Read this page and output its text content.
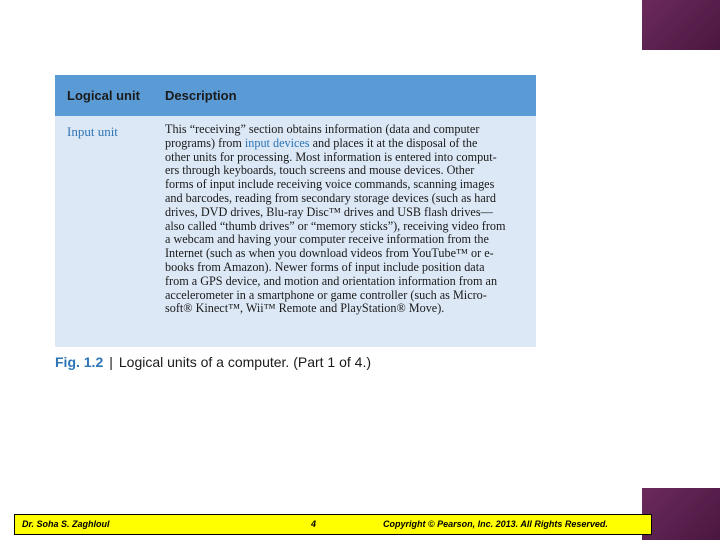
Logical unit Description
Input unit	This “receiving” section obtains information (data and computer
programs) from input devices and places it at the disposal of the
other units for processing. Most information is entered into comput-
ers through keyboards, touch screens and mouse devices. Other
forms of input include receiving voice commands, scanning images
and barcodes, reading from secondary storage devices (such as hard
drives, DVD drives, Blu-ray Disc™ drives and USB flash drives—
also called “thumb drives” or “memory sticks”), receiving video from
a webcam and having your computer receive information from the
Internet (such as when you download videos from YouTube™ or e-
books from Amazon). Newer forms of input include position data
from a GPS device, and motion and orientation information from an
accelerometer in a smartphone or game controller (such as Micro-
soft® Kinect™, Wii™ Remote and PlayStation® Move).
Fig. 1.2 | Logical units of a computer. (Part 1 of 4.)
Dr. Soha S. Zaghloul	4	Copyright © Pearson, Inc. 2013. All Rights Reserved.
